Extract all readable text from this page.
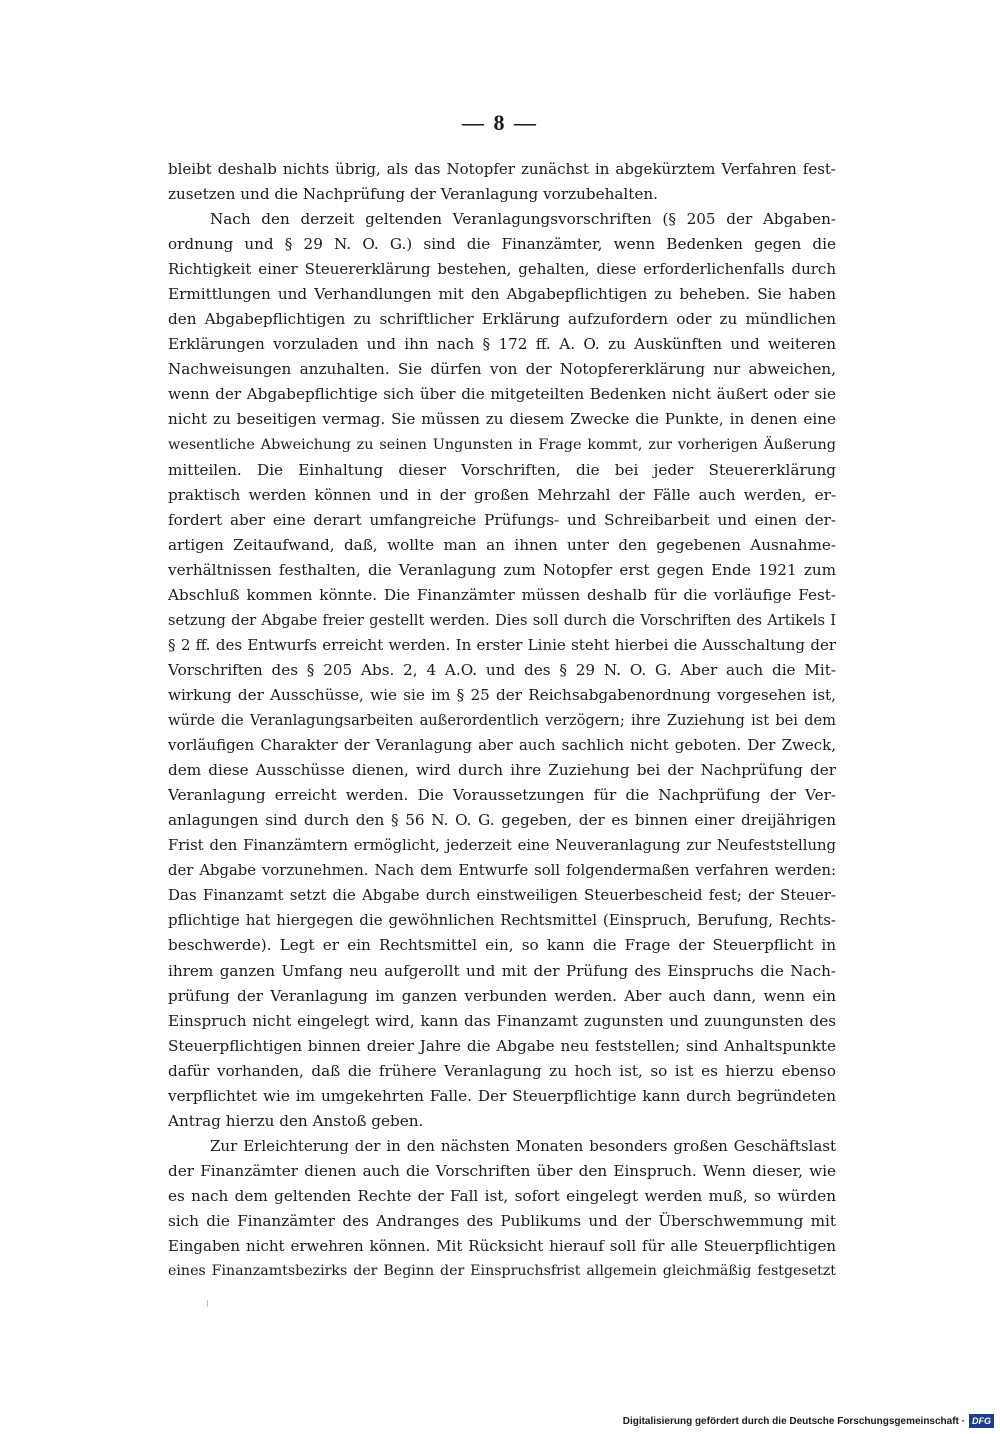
— 8 —
bleibt deshalb nichts übrig, als das Notopfer zunächst in abgekürztem Verfahren fest-
zusetzen und die Nachprüfung der Veranlagung vorzubehalten.
Nach den derzeit geltenden Veranlagungsvorschriften (§ 205 der Abgaben-
ordnung und § 29 N. O. G.) sind die Finanzämter, wenn Bedenken gegen die
Richtigkeit einer Steuererklärung bestehen, gehalten, diese erforderlichenfalls durch
Ermittlungen und Verhandlungen mit den Abgabepflichtigen zu beheben. Sie haben
den Abgabepflichtigen zu schriftlicher Erklärung aufzufordern oder zu mündlichen
Erklärungen vorzuladen und ihn nach § 172 ff. A. O. zu Auskünften und weiteren
Nachweisungen anzuhalten. Sie dürfen von der Notopfererklärung nur abweichen,
wenn der Abgabepflichtige sich über die mitgeteilten Bedenken nicht äußert oder sie
nicht zu beseitigen vermag. Sie müssen zu diesem Zwecke die Punkte, in denen eine
wesentliche Abweichung zu seinen Ungunsten in Frage kommt, zur vorherigen Äußerung
mitteilen. Die Einhaltung dieser Vorschriften, die bei jeder Steuererklärung
praktisch werden können und in der großen Mehrzahl der Fälle auch werden, er-
fordert aber eine derart umfangreiche Prüfungs- und Schreibarbeit und einen der-
artigen Zeitaufwand, daß, wollte man an ihnen unter den gegebenen Ausnahme-
verhältnissen festhalten, die Veranlagung zum Notopfer erst gegen Ende 1921 zum
Abschluß kommen könnte. Die Finanzämter müssen deshalb für die vorläufige Fest-
setzung der Abgabe freier gestellt werden. Dies soll durch die Vorschriften des Artikels I
§ 2 ff. des Entwurfs erreicht werden. In erster Linie steht hierbei die Ausschaltung der
Vorschriften des § 205 Abs. 2, 4 A.O. und des § 29 N. O. G. Aber auch die Mit-
wirkung der Ausschüsse, wie sie im § 25 der Reichsabgabenordnung vorgesehen ist,
würde die Veranlagungsarbeiten außerordentlich verzögern; ihre Zuziehung ist bei dem
vorläufigen Charakter der Veranlagung aber auch sachlich nicht geboten. Der Zweck,
dem diese Ausschüsse dienen, wird durch ihre Zuziehung bei der Nachprüfung der
Veranlagung erreicht werden. Die Voraussetzungen für die Nachprüfung der Ver-
anlagungen sind durch den § 56 N. O. G. gegeben, der es binnen einer dreijährigen
Frist den Finanzämtern ermöglicht, jederzeit eine Neuveranlagung zur Neufeststellung
der Abgabe vorzunehmen. Nach dem Entwurfe soll folgendermaßen verfahren werden:
Das Finanzamt setzt die Abgabe durch einstweiligen Steuerbescheid fest; der Steuer-
pflichtige hat hiergegen die gewöhnlichen Rechtsmittel (Einspruch, Berufung, Rechts-
beschwerde). Legt er ein Rechtsmittel ein, so kann die Frage der Steuerpflicht in
ihrem ganzen Umfang neu aufgerollt und mit der Prüfung des Einspruchs die Nach-
prüfung der Veranlagung im ganzen verbunden werden. Aber auch dann, wenn ein
Einspruch nicht eingelegt wird, kann das Finanzamt zugunsten und zuungunsten des
Steuerpflichtigen binnen dreier Jahre die Abgabe neu feststellen; sind Anhaltspunkte
dafür vorhanden, daß die frühere Veranlagung zu hoch ist, so ist es hierzu ebenso
verpflichtet wie im umgekehrten Falle. Der Steuerpflichtige kann durch begründeten
Antrag hierzu den Anstoß geben.
Zur Erleichterung der in den nächsten Monaten besonders großen Geschäftslast
der Finanzämter dienen auch die Vorschriften über den Einspruch. Wenn dieser, wie
es nach dem geltenden Rechte der Fall ist, sofort eingelegt werden muß, so würden
sich die Finanzämter des Andranges des Publikums und der Überschwemmung mit
Eingaben nicht erwehren können. Mit Rücksicht hierauf soll für alle Steuerpflichtigen
eines Finanzamtsbezirks der Beginn der Einspruchsfrist allgemein gleichmäßig festgesetzt
Digitalisierung gefördert durch die Deutsche Forschungsgemeinschaft · DFG
